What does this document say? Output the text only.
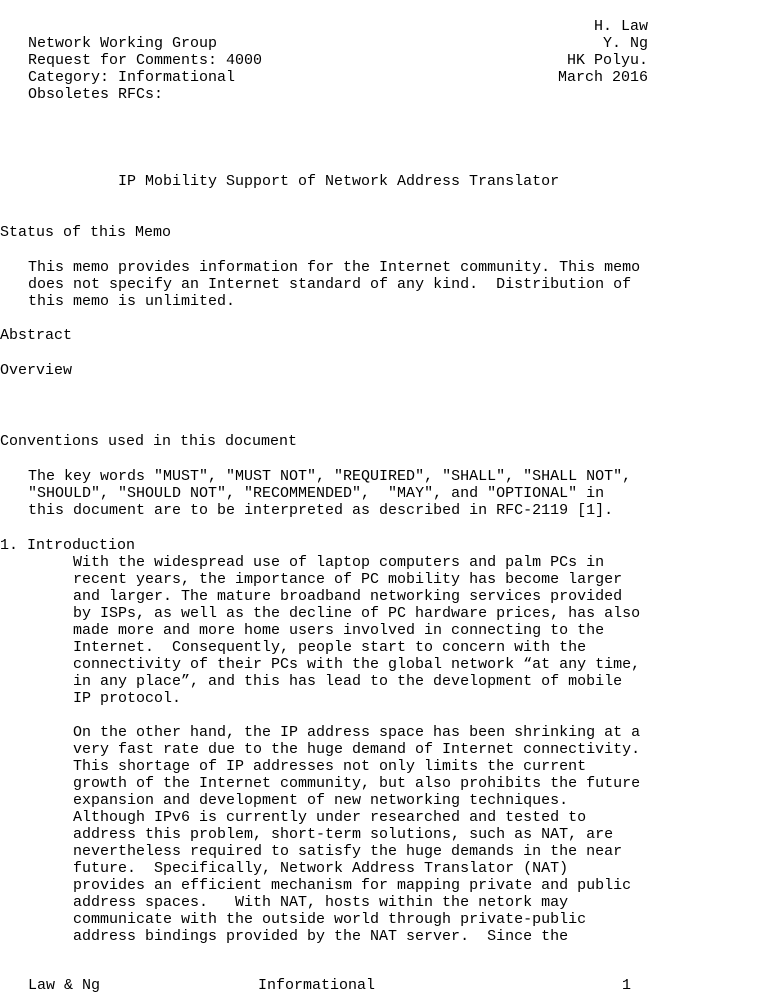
Network Working Group
Request for Comments: 4000
Category: Informational
Obsoletes RFCs:
H. Law
Y. Ng
HK Polyu.
March 2016
IP Mobility Support of Network Address Translator
Status of this Memo
This memo provides information for the Internet community. This memo
does not specify an Internet standard of any kind.  Distribution of
this memo is unlimited.
Abstract
Overview
Conventions used in this document
The key words "MUST", "MUST NOT", "REQUIRED", "SHALL", "SHALL NOT",
"SHOULD", "SHOULD NOT", "RECOMMENDED",  "MAY", and "OPTIONAL" in
this document are to be interpreted as described in RFC-2119 [1].
1. Introduction
With the widespread use of laptop computers and palm PCs in
recent years, the importance of PC mobility has become larger
and larger. The mature broadband networking services provided
by ISPs, as well as the decline of PC hardware prices, has also
made more and more home users involved in connecting to the
Internet.  Consequently, people start to concern with the
connectivity of their PCs with the global network “at any time,
in any place”, and this has lead to the development of mobile
IP protocol.
On the other hand, the IP address space has been shrinking at a
very fast rate due to the huge demand of Internet connectivity.
This shortage of IP addresses not only limits the current
growth of the Internet community, but also prohibits the future
expansion and development of new networking techniques.
Although IPv6 is currently under researched and tested to
address this problem, short-term solutions, such as NAT, are
nevertheless required to satisfy the huge demands in the near
future.  Specifically, Network Address Translator (NAT)
provides an efficient mechanism for mapping private and public
address spaces.   With NAT, hosts within the netork may
communicate with the outside world through private-public
address bindings provided by the NAT server.  Since the
Law & Ng	Informational	1
